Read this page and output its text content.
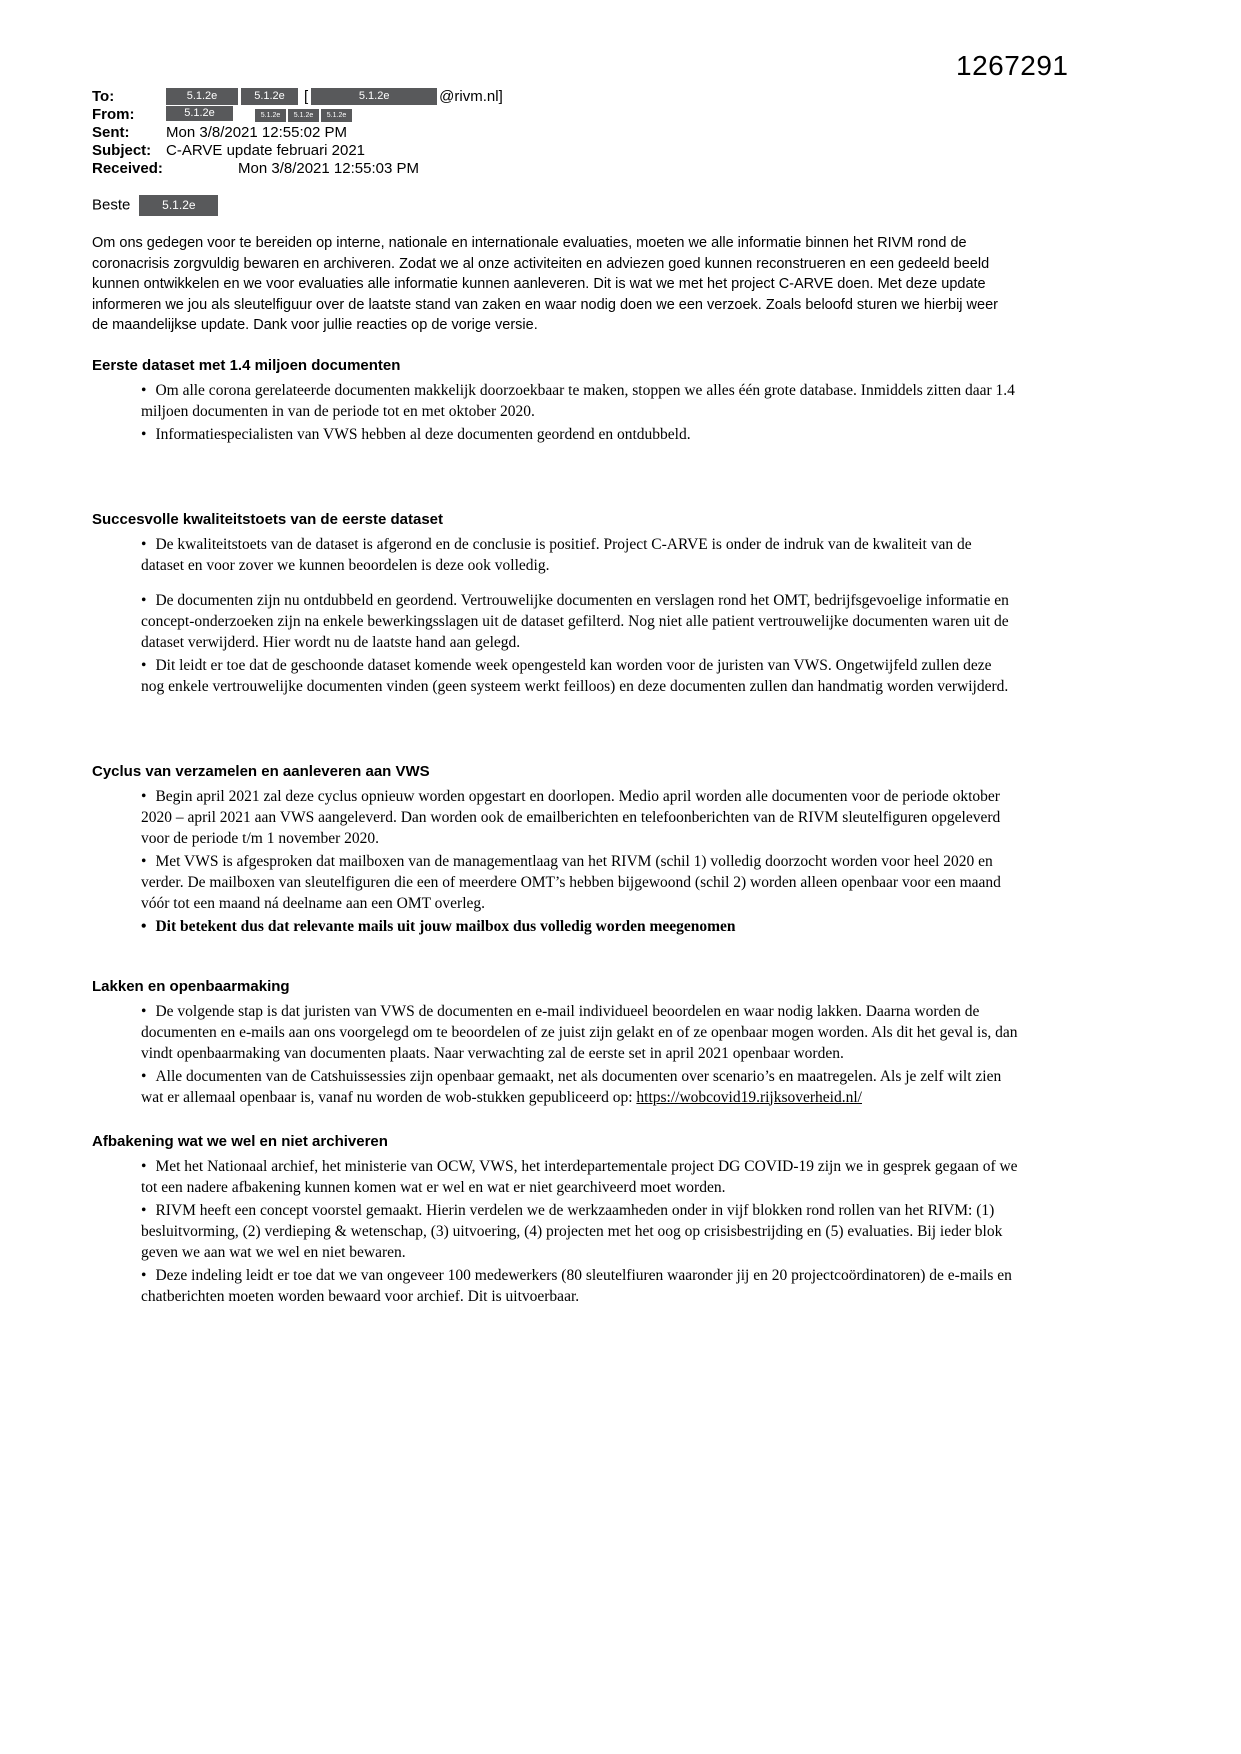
1267291
To:	5.1.2e	5.1.2e [	5.1.2e	@rivm.nl]
From:	5.1.2e	5.1.2e 5.1.2e 5.1.2e
Sent:	Mon 3/8/2021 12:55:02 PM
Subject: C-ARVE update februari 2021
Received:	Mon 3/8/2021 12:55:03 PM
Beste	5.1.2e

Om ons gedegen voor te bereiden op interne, nationale en internationale evaluaties, moeten we alle informatie binnen het RIVM rond de coronacrisis zorgvuldig bewaren en archiveren. Zodat we al onze activiteiten en adviezen goed kunnen reconstrueren en een gedeeld beeld kunnen ontwikkelen en we voor evaluaties alle informatie kunnen aanleveren. Dit is wat we met het project C-ARVE doen. Met deze update informeren we jou als sleutelfiguur over de laatste stand van zaken en waar nodig doen we een verzoek. Zoals beloofd sturen we hierbij weer de maandelijkse update. Dank voor jullie reacties op de vorige versie.

Eerste dataset met 1.4 miljoen documenten

• Om alle corona gerelateerde documenten makkelijk doorzoekbaar te maken, stoppen we alles één grote database. Inmiddels zitten daar 1.4 miljoen documenten in van de periode tot en met oktober 2020.

• Informatiespecialisten van VWS hebben al deze documenten geordend en ontdubbeld.

Succesvolle kwaliteitstoets van de eerste dataset

• De kwaliteitstoets van de dataset is afgerond en de conclusie is positief. Project C-ARVE is onder de indruk van de kwaliteit van de dataset en voor zover we kunnen beoordelen is deze ook volledig.

• De documenten zijn nu ontdubbeld en geordend. Vertrouwelijke documenten en verslagen rond het OMT, bedrijfsgevoelige informatie en concept-onderzoeken zijn na enkele bewerkingsslagen uit de dataset gefilterd. Nog niet alle patient vertrouwelijke documenten waren uit de dataset verwijderd. Hier wordt nu de laatste hand aan gelegd.

• Dit leidt er toe dat de geschoonde dataset komende week opengesteld kan worden voor de juristen van VWS. Ongetwijfeld zullen deze nog enkele vertrouwelijke documenten vinden (geen systeem werkt feilloos) en deze documenten zullen dan handmatig worden verwijderd.

Cyclus van verzamelen en aanleveren aan VWS

• Begin april 2021 zal deze cyclus opnieuw worden opgestart en doorlopen. Medio april worden alle documenten voor de periode oktober 2020 – april 2021 aan VWS aangeleverd. Dan worden ook de emailberichten en telefoonberichten van de RIVM sleutelfiguren opgeleverd voor de periode t/m 1 november 2020.

• Met VWS is afgesproken dat mailboxen van de managementlaag van het RIVM (schil 1) volledig doorzocht worden voor heel 2020 en verder. De mailboxen van sleutelfiguren die een of meerdere OMT’s hebben bijgewoond (schil 2) worden alleen openbaar voor een maand vóór tot een maand ná deelname aan een OMT overleg.

• Dit betekent dus dat relevante mails uit jouw mailbox dus volledig worden meegenomen

Lakken en openbaarmaking

• De volgende stap is dat juristen van VWS de documenten en e-mail individueel beoordelen en waar nodig lakken. Daarna worden de documenten en e-mails aan ons voorgelegd om te beoordelen of ze juist zijn gelakt en of ze openbaar mogen worden. Als dit het geval is, dan vindt openbaarmaking van documenten plaats. Naar verwachting zal de eerste set in april 2021 openbaar worden.

• Alle documenten van de Catshuissessies zijn openbaar gemaakt, net als documenten over scenario’s en maatregelen. Als je zelf wilt zien wat er allemaal openbaar is, vanaf nu worden de wob-stukken gepubliceerd op: https://wobcovid19.rijksoverheid.nl/

Afbakening wat we wel en niet archiveren

• Met het Nationaal archief, het ministerie van OCW, VWS, het interdepartementale project DG COVID-19 zijn we in gesprek gegaan of we tot een nadere afbakening kunnen komen wat er wel en wat er niet gearchiveerd moet worden.

• RIVM heeft een concept voorstel gemaakt. Hierin verdelen we de werkzaamheden onder in vijf blokken rond rollen van het RIVM: (1) besluitvorming, (2) verdieping & wetenschap, (3) uitvoering, (4) projecten met het oog op crisisbestrijding en (5) evaluaties. Bij ieder blok geven we aan wat we wel en niet bewaren.

• Deze indeling leidt er toe dat we van ongeveer 100 medewerkers (80 sleutelfiuren waaronder jij en 20 projectcoördinatoren) de e-mails en chatberichten moeten worden bewaard voor archief. Dit is uitvoerbaar.
